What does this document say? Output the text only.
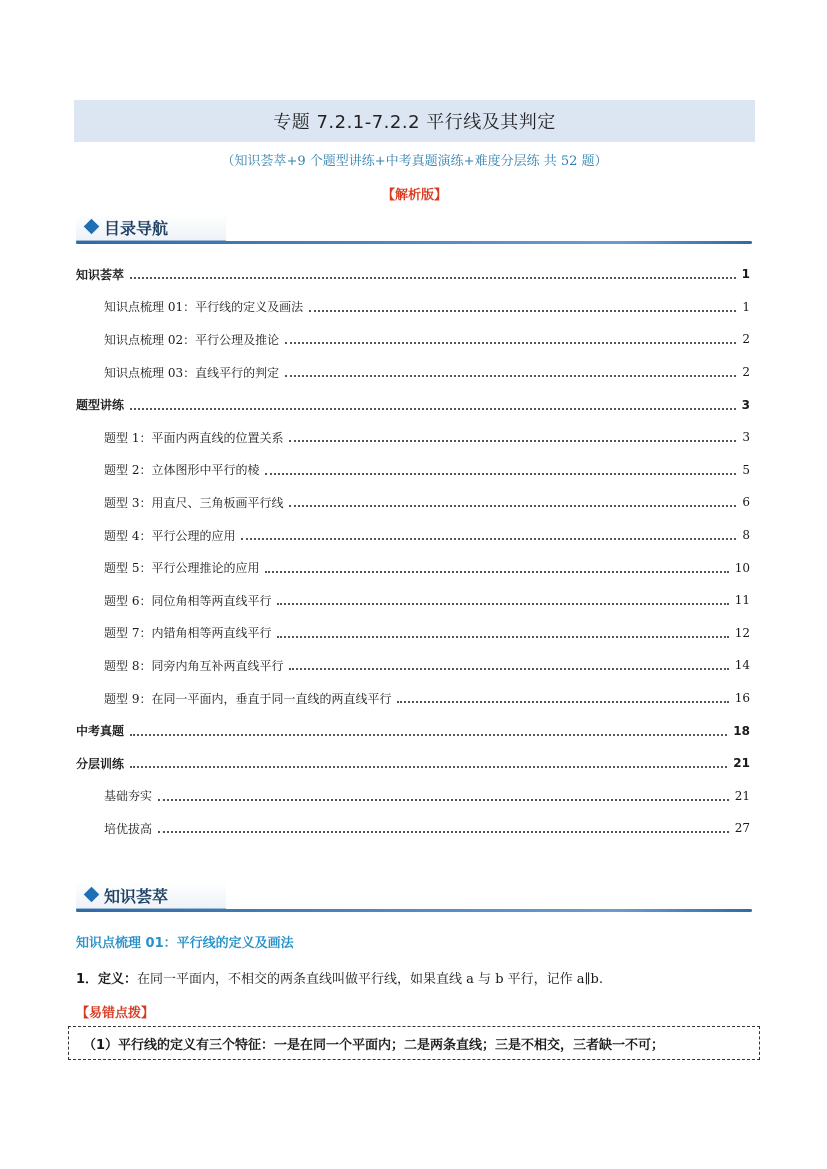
专题 7.2.1-7.2.2 平行线及其判定
（知识荟萃+9 个题型讲练+中考真题演练+难度分层练 共 52 题）
【解析版】
目录导航
知识荟萃	1
知识点梳理 01：平行线的定义及画法	1
知识点梳理 02：平行公理及推论	2
知识点梳理 03：直线平行的判定	2
题型讲练	3
题型 1：平面内两直线的位置关系	3
题型 2：立体图形中平行的棱	5
题型 3：用直尺、三角板画平行线	6
题型 4：平行公理的应用	8
题型 5：平行公理推论的应用	10
题型 6：同位角相等两直线平行	11
题型 7：内错角相等两直线平行	12
题型 8：同旁内角互补两直线平行	14
题型 9：在同一平面内，垂直于同一直线的两直线平行	16
中考真题	18
分层训练	21
基础夯实	21
培优拔高	27
知识荟萃
知识点梳理 01：平行线的定义及画法
1．定义：在同一平面内，不相交的两条直线叫做平行线，如果直线 a 与 b 平行，记作 a∥b.
【易错点拨】
（1）平行线的定义有三个特征：一是在同一个平面内；二是两条直线；三是不相交，三者缺一不可；
